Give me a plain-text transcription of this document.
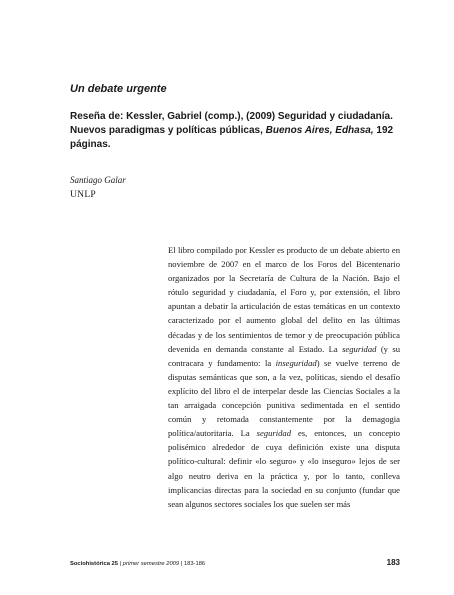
Un debate urgente

Reseña de: Kessler, Gabriel (comp.), (2009) Seguridad y ciudadanía.
Nuevos paradigmas y políticas públicas, Buenos Aires, Edhasa, 192 páginas.

Santiago Galar

UNLP

El libro compilado por Kessler es producto de un debate abierto en noviembre de 2007 en el marco de los Foros del Bicentenario organizados por la Secretaría de Cultura de la Nación. Bajo el rótulo seguridad y ciudadanía, el Foro y, por extensión, el libro apuntan a debatir la articulación de estas temáticas en un contexto caracterizado por el aumento global del delito en las últimas décadas y de los sentimientos de temor y de preocupación pública devenida en demanda constante al Estado. La seguridad (y su contracara y fundamento: la inseguridad) se vuelve terreno de disputas semánticas que son, a la vez, políticas, siendo el desafío explícito del libro el de interpelar desde las Ciencias Sociales a la tan arraigada concepción punitiva sedimentada en el sentido común y retomada constantemente por la demagogia política/autoritaria. La seguridad es, entonces, un concepto polisémico alrededor de cuya definición existe una disputa político-cultural: definir «lo seguro» y «lo inseguro» lejos de ser algo neutro deriva en la práctica y, por lo tanto, conlleva implicancias directas para la sociedad en su conjunto (fundar que sean algunos sectores sociales los que suelen ser más

Sociohistórica 25 | primer semestre 2009 | 183-186	183
